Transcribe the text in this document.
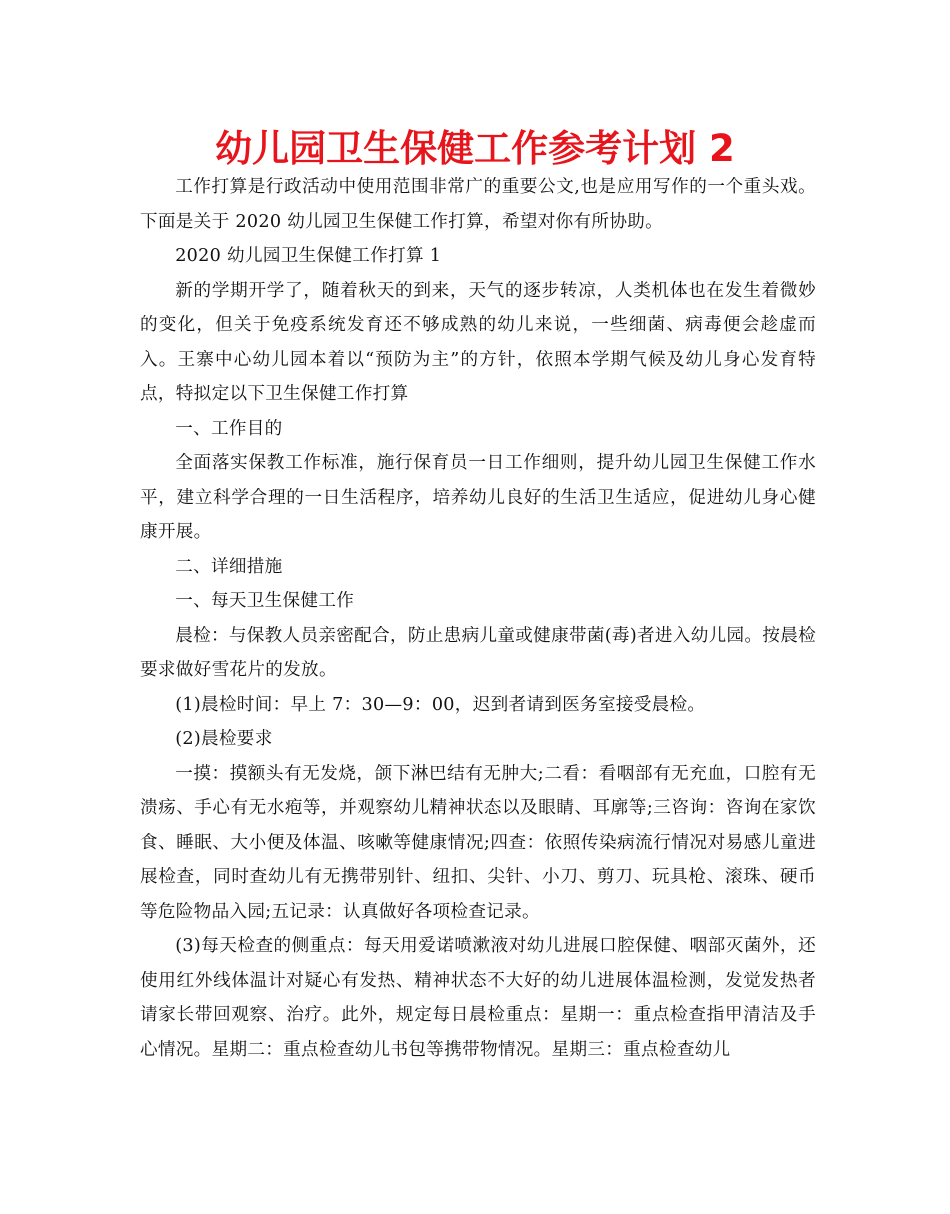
幼儿园卫生保健工作参考计划 2

工作打算是行政活动中使用范围非常广的重要公文,也是应用写作的一个重头戏。下面是关于 2020 幼儿园卫生保健工作打算，希望对你有所协助。

2020 幼儿园卫生保健工作打算 1

新的学期开学了，随着秋天的到来，天气的逐步转凉，人类机体也在发生着微妙的变化，但关于免疫系统发育还不够成熟的幼儿来说，一些细菌、病毒便会趁虚而入。王寨中心幼儿园本着以“预防为主”的方针，依照本学期气候及幼儿身心发育特点，特拟定以下卫生保健工作打算

一、工作目的

全面落实保教工作标准，施行保育员一日工作细则，提升幼儿园卫生保健工作水平，建立科学合理的一日生活程序，培养幼儿良好的生活卫生适应，促进幼儿身心健康开展。

二、详细措施

一、每天卫生保健工作

晨检：与保教人员亲密配合，防止患病儿童或健康带菌(毒)者进入幼儿园。按晨检要求做好雪花片的发放。

(1)晨检时间：早上 7：30—9：00，迟到者请到医务室接受晨检。

(2)晨检要求

一摸：摸额头有无发烧，颌下淋巴结有无肿大;二看：看咽部有无充血，口腔有无溃疡、手心有无水疱等，并观察幼儿精神状态以及眼睛、耳廓等;三咨询：咨询在家饮食、睡眠、大小便及体温、咳嗽等健康情况;四查：依照传染病流行情况对易感儿童进展检查，同时查幼儿有无携带别针、纽扣、尖针、小刀、剪刀、玩具枪、滚珠、硬币等危险物品入园;五记录：认真做好各项检查记录。

(3)每天检查的侧重点：每天用爱诺喷漱液对幼儿进展口腔保健、咽部灭菌外，还使用红外线体温计对疑心有发热、精神状态不大好的幼儿进展体温检测，发觉发热者请家长带回观察、治疗。此外，规定每日晨检重点：星期一：重点检查指甲清洁及手心情况。星期二：重点检查幼儿书包等携带物情况。星期三：重点检查幼儿
